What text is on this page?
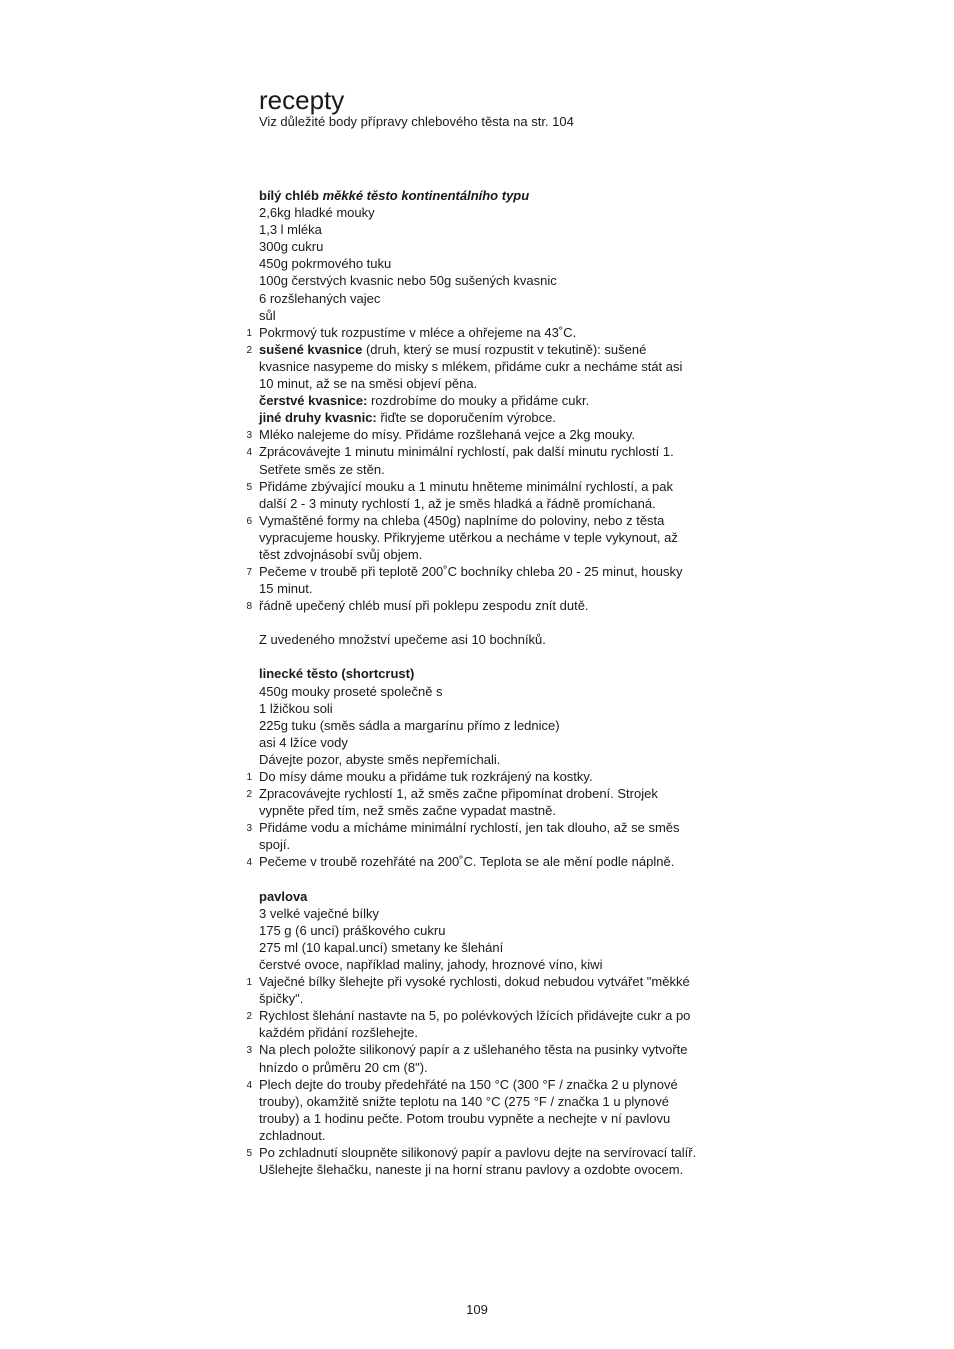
recepty
Viz důležité body přípravy chlebového těsta na str. 104
bílý chléb měkké těsto kontinentálního typu
2,6kg hladké mouky
1,3 l mléka
300g cukru
450g pokrmového tuku
100g čerstvých kvasnic nebo 50g sušených kvasnic
6 rozšlehaných vajec
sůl
1 Pokrmový tuk rozpustíme v mléce a ohřejeme na 43˚C.
2 sušené kvasnice (druh, který se musí rozpustit v tekutině): sušené kvasnice nasypeme do misky s mlékem, přidáme cukr a necháme stát asi 10 minut, až se na směsi objeví pěna.
čerstvé kvasnice: rozdrobíme do mouky a přidáme cukr.
jiné druhy kvasnic: řiďte se doporučením výrobce.
3 Mléko nalejeme do mísy. Přidáme rozšlehaná vejce a 2kg mouky.
4 Zprácovávejte 1 minutu minimální rychlostí, pak další minutu rychlostí 1. Setřete směs ze stěn.
5 Přidáme zbývající mouku a 1 minutu hněteme minimální rychlostí, a pak další 2 - 3 minuty rychlostí 1, až je směs hladká a řádně promíchaná.
6 Vymaštěné formy na chleba (450g) naplníme do poloviny, nebo z těsta vypracujeme housky. Přikryjeme utěrkou a necháme v teple vykynout, až těst zdvojnásobí svůj objem.
7 Pečeme v troubě při teplotě 200˚C bochníky chleba 20 - 25 minut, housky 15 minut.
8 řádně upečený chléb musí při poklepu zespodu znít dutě.
Z uvedeného množství upečeme asi 10 bochníků.
linecké těsto (shortcrust)
450g mouky proseté společně s
1 lžičkou soli
225g tuku (směs sádla a margarínu přímo z lednice)
asi 4 lžíce vody
Dávejte pozor, abyste směs nepřemíchali.
1 Do mísy dáme mouku a přidáme tuk rozkrájený na kostky.
2 Zpracovávejte rychlostí 1, až směs začne připomínat drobení. Strojek vypněte před tím, než směs začne vypadat mastně.
3 Přidáme vodu a mícháme minimální rychlostí, jen tak dlouho, až se směs spojí.
4 Pečeme v troubě rozehřáté na 200˚C. Teplota se ale mění podle náplně.
pavlova
3 velké vaječné bílky
175 g (6 uncí) práškového cukru
275 ml (10 kapal.uncí) smetany ke šlehání
čerstvé ovoce, například maliny, jahody, hroznové víno, kiwi
1 Vaječné bílky šlehejte při vysoké rychlosti, dokud nebudou vytvářet "měkké špičky".
2 Rychlost šlehání nastavte na 5, po polévkových lžících přidávejte cukr a po každém přidání rozšlehejte.
3 Na plech položte silikonový papír a z ušlehaného těsta na pusinky vytvořte hnízdo o průměru 20 cm (8").
4 Plech dejte do trouby předehřáté na 150 °C (300 °F / značka 2 u plynové trouby), okamžitě snižte teplotu na 140 °C (275 °F / značka 1 u plynové trouby) a 1 hodinu pečte. Potom troubu vypněte a nechejte v ní pavlovu zchladnout.
5 Po zchladnutí sloupněte silikonový papír a pavlovu dejte na servírovací talíř. Ušlehejte šlehačku, naneste ji na horní stranu pavlovy a ozdobte ovocem.
109
